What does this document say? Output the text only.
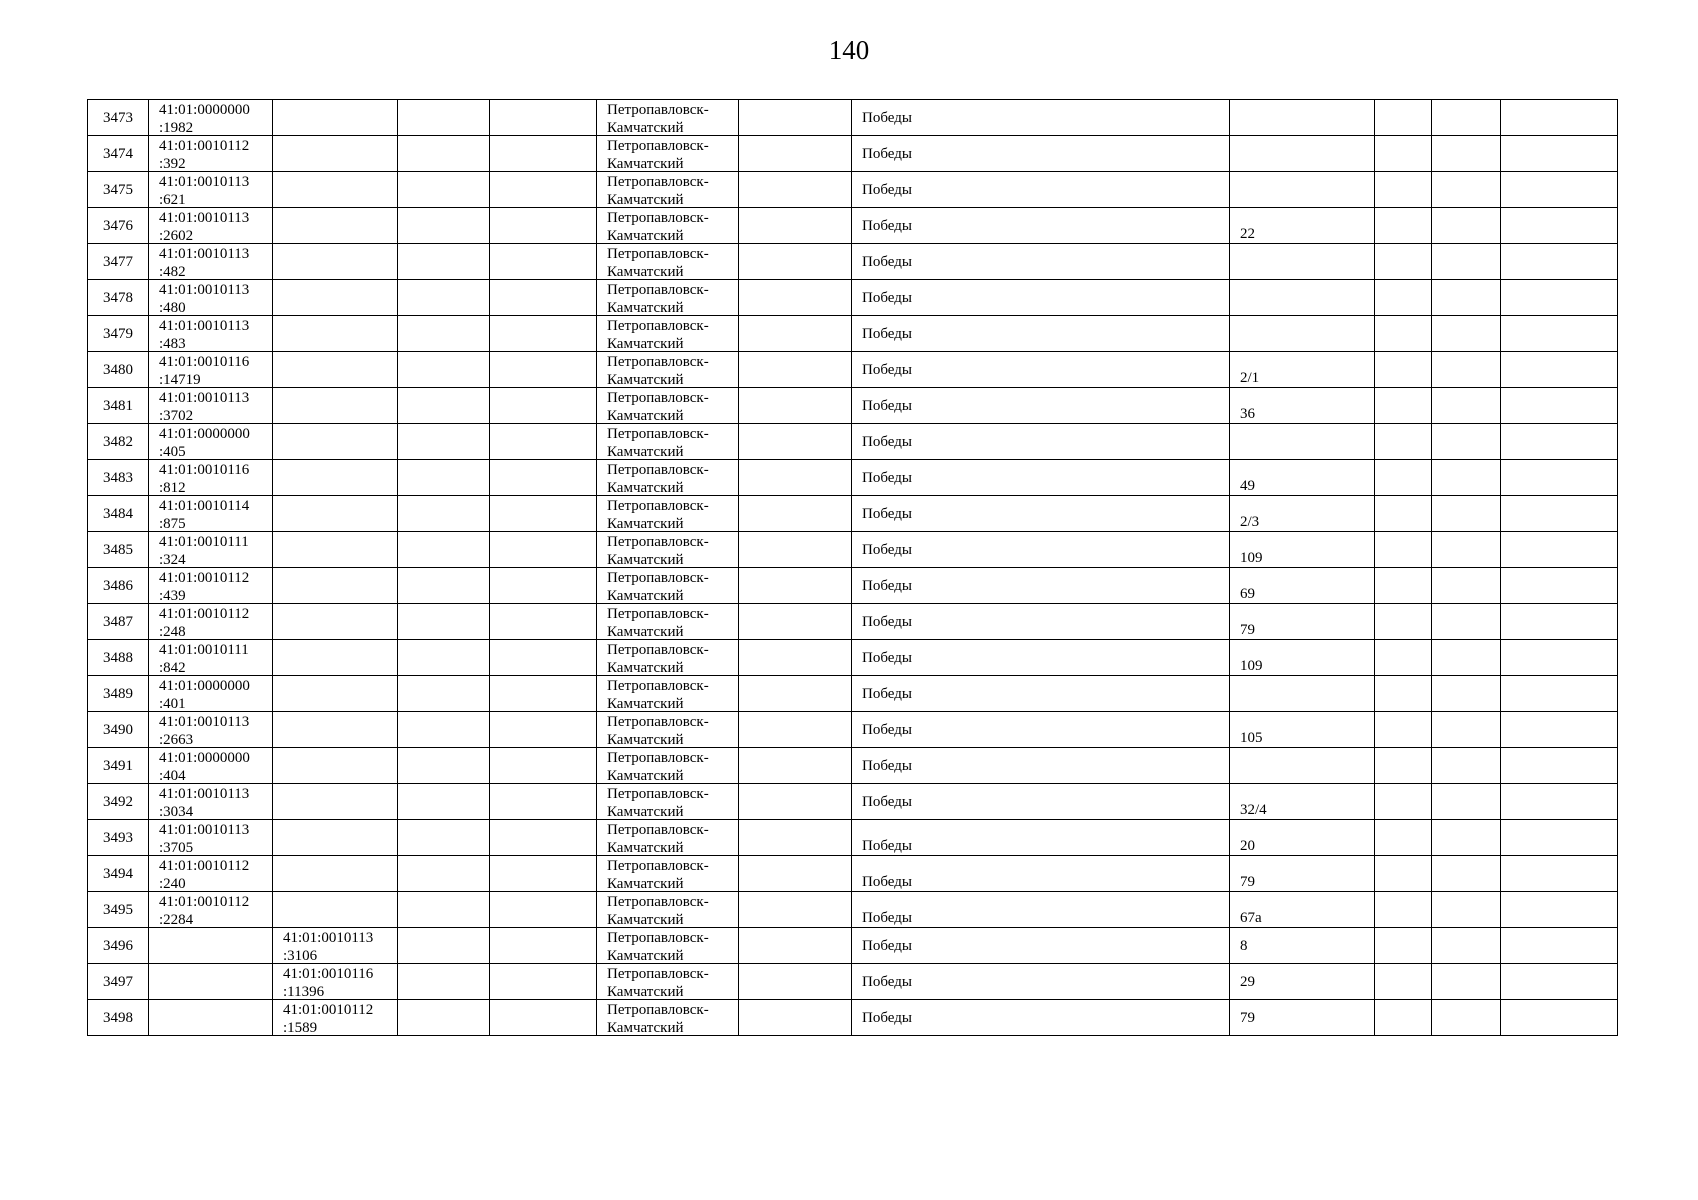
140
3473	41:01:0000000
:1982				Петропавловск-
Камчатский		Победы				

3474	41:01:0010112
:392				Петропавловск-
Камчатский		Победы				

3475	41:01:0010113
:621				Петропавловск-
Камчатский		Победы				

3476	41:01:0010113
:2602				Петропавловск-
Камчатский		Победы	22			

3477	41:01:0010113
:482				Петропавловск-
Камчатский		Победы				

3478	41:01:0010113
:480				Петропавловск-
Камчатский		Победы				

3479	41:01:0010113
:483				Петропавловск-
Камчатский		Победы				

3480	41:01:0010116
:14719				Петропавловск-
Камчатский		Победы	2/1			

3481	41:01:0010113
:3702				Петропавловск-
Камчатский		Победы	36			

3482	41:01:0000000
:405				Петропавловск-
Камчатский		Победы				

3483	41:01:0010116
:812				Петропавловск-
Камчатский		Победы	49			

3484	41:01:0010114
:875				Петропавловск-
Камчатский		Победы	2/3			

3485	41:01:0010111
:324				Петропавловск-
Камчатский		Победы	109			

3486	41:01:0010112
:439				Петропавловск-
Камчатский		Победы	69			

3487	41:01:0010112
:248				Петропавловск-
Камчатский		Победы	79			

3488	41:01:0010111
:842				Петропавловск-
Камчатский		Победы	109			

3489	41:01:0000000
:401				Петропавловск-
Камчатский		Победы				

3490	41:01:0010113
:2663				Петропавловск-
Камчатский		Победы	105			

3491	41:01:0000000
:404				Петропавловск-
Камчатский		Победы				

3492	41:01:0010113
:3034				Петропавловск-
Камчатский		Победы	32/4			

3493	41:01:0010113
:3705				Петропавловск-
Камчатский		Победы	20			

3494	41:01:0010112
:240				Петропавловск-
Камчатский		Победы	79			

3495	41:01:0010112
:2284				Петропавловск-
Камчатский		Победы	67а			

3496		41:01:0010113
:3106			Петропавловск-
Камчатский		Победы	8			

3497		41:01:0010116
:11396			Петропавловск-
Камчатский		Победы	29			

3498		41:01:0010112
:1589			Петропавловск-
Камчатский		Победы	79			
